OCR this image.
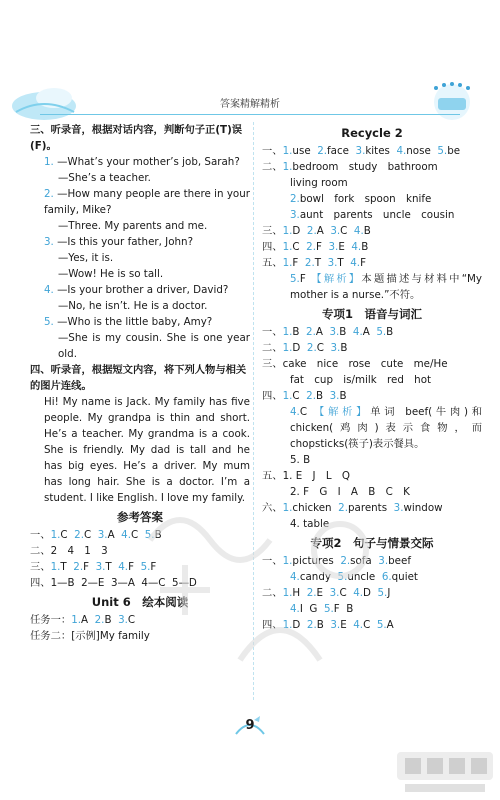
答案精解精析
三、听录音，根据对话内容，判断句子正(T)误(F)。
1. —What’s your mother’s job, Sarah?
—She’s a teacher.
2. —How many people are there in your family, Mike?
—Three. My parents and me.
3. —Is this your father, John?
—Yes, it is.
—Wow! He is so tall.
4. —Is your brother a driver, David?
—No, he isn’t. He is a doctor.
5. —Who is the little baby, Amy?
—She is my cousin. She is one year old.
四、听录音，根据短文内容，将下列人物与相关的图片连线。
Hi! My name is Jack. My family has five people. My grandpa is thin and short. He’s a teacher. My grandma is a cook. She is friendly. My dad is tall and he has big eyes. He’s a driver. My mum has long hair. She is a doctor. I’m a student. I like English. I love my family.
参考答案
一、1.C 2.C 3.A 4.C 5.B
二、2　4　1　3
三、1.T 2.F 3.T 4.F 5.F
四、1—B 2—E 3—A 4—C 5—D
Unit 6　绘本阅读
任务一：1.A 2.B 3.C
任务二：[示例]My family
Recycle 2
一、1.use 2.face 3.kites 4.nose 5.be
二、1.bedroom　study　bathroom
living room
2.bowl　fork　spoon　knife
3.aunt　parents　uncle　cousin
三、1.D 2.A 3.C 4.B
四、1.C 2.F 3.E 4.B
五、1.F 2.T 3.T 4.F
5.F 【解析】本题描述与材料中“My mother is a nurse.”不符。
专项1　语音与词汇
一、1.B 2.A 3.B 4.A 5.B
二、1.D 2.C 3.B
三、cake　nice　rose　cute　me/He
fat　cup　is/milk　red　hot
四、1.C 2.B 3.B
4.C 【解析】单词 beef(牛肉)和 chicken(鸡肉)表示食物，而 chopsticks(筷子)表示餐具。
5. B
五、1. E　J　L　Q
2. F　G　I　A　B　C　K
六、1.chicken 2.parents 3.window
4. table
专项2　句子与情景交际
一、1.pictures 2.sofa 3.beef
4.candy 5.uncle 6.quiet
二、1.H 2.E 3.C 4.D 5.J
4.I G 5.F B
四、1.D 2.B 3.E 4.C 5.A
9
